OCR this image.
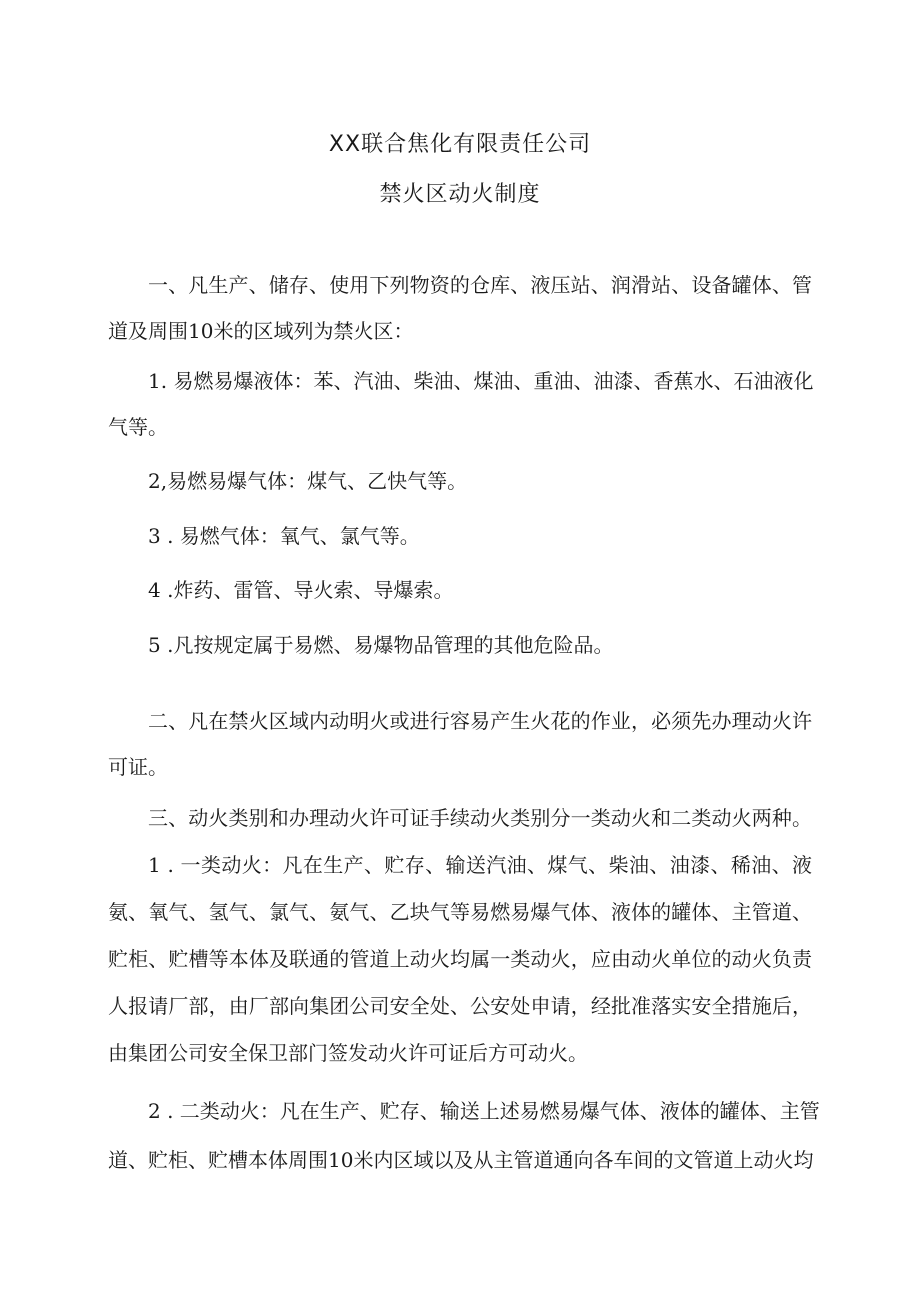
XX联合焦化有限责任公司
禁火区动火制度
一、凡生产、储存、使用下列物资的仓库、液压站、润滑站、设备罐体、管
道及周围10米的区域列为禁火区：
1. 易燃易爆液体：苯、汽油、柴油、煤油、重油、油漆、香蕉水、石油液化
气等。
2,易燃易爆气体：煤气、乙快气等。
3 . 易燃气体：氧气、氯气等。
4 .炸药、雷管、导火索、导爆索。
5 .凡按规定属于易燃、易爆物品管理的其他危险品。
二、凡在禁火区域内动明火或进行容易产生火花的作业，必须先办理动火许
可证。
三、动火类别和办理动火许可证手续动火类别分一类动火和二类动火两种。
1 . 一类动火：凡在生产、贮存、输送汽油、煤气、柴油、油漆、稀油、液
氨、氧气、氢气、氯气、氨气、乙块气等易燃易爆气体、液体的罐体、主管道、
贮柜、贮槽等本体及联通的管道上动火均属一类动火，应由动火单位的动火负责
人报请厂部，由厂部向集团公司安全处、公安处申请，经批准落实安全措施后，
由集团公司安全保卫部门签发动火许可证后方可动火。
2 . 二类动火：凡在生产、贮存、输送上述易燃易爆气体、液体的罐体、主管
道、贮柜、贮槽本体周围10米内区域以及从主管道通向各车间的文管道上动火均
